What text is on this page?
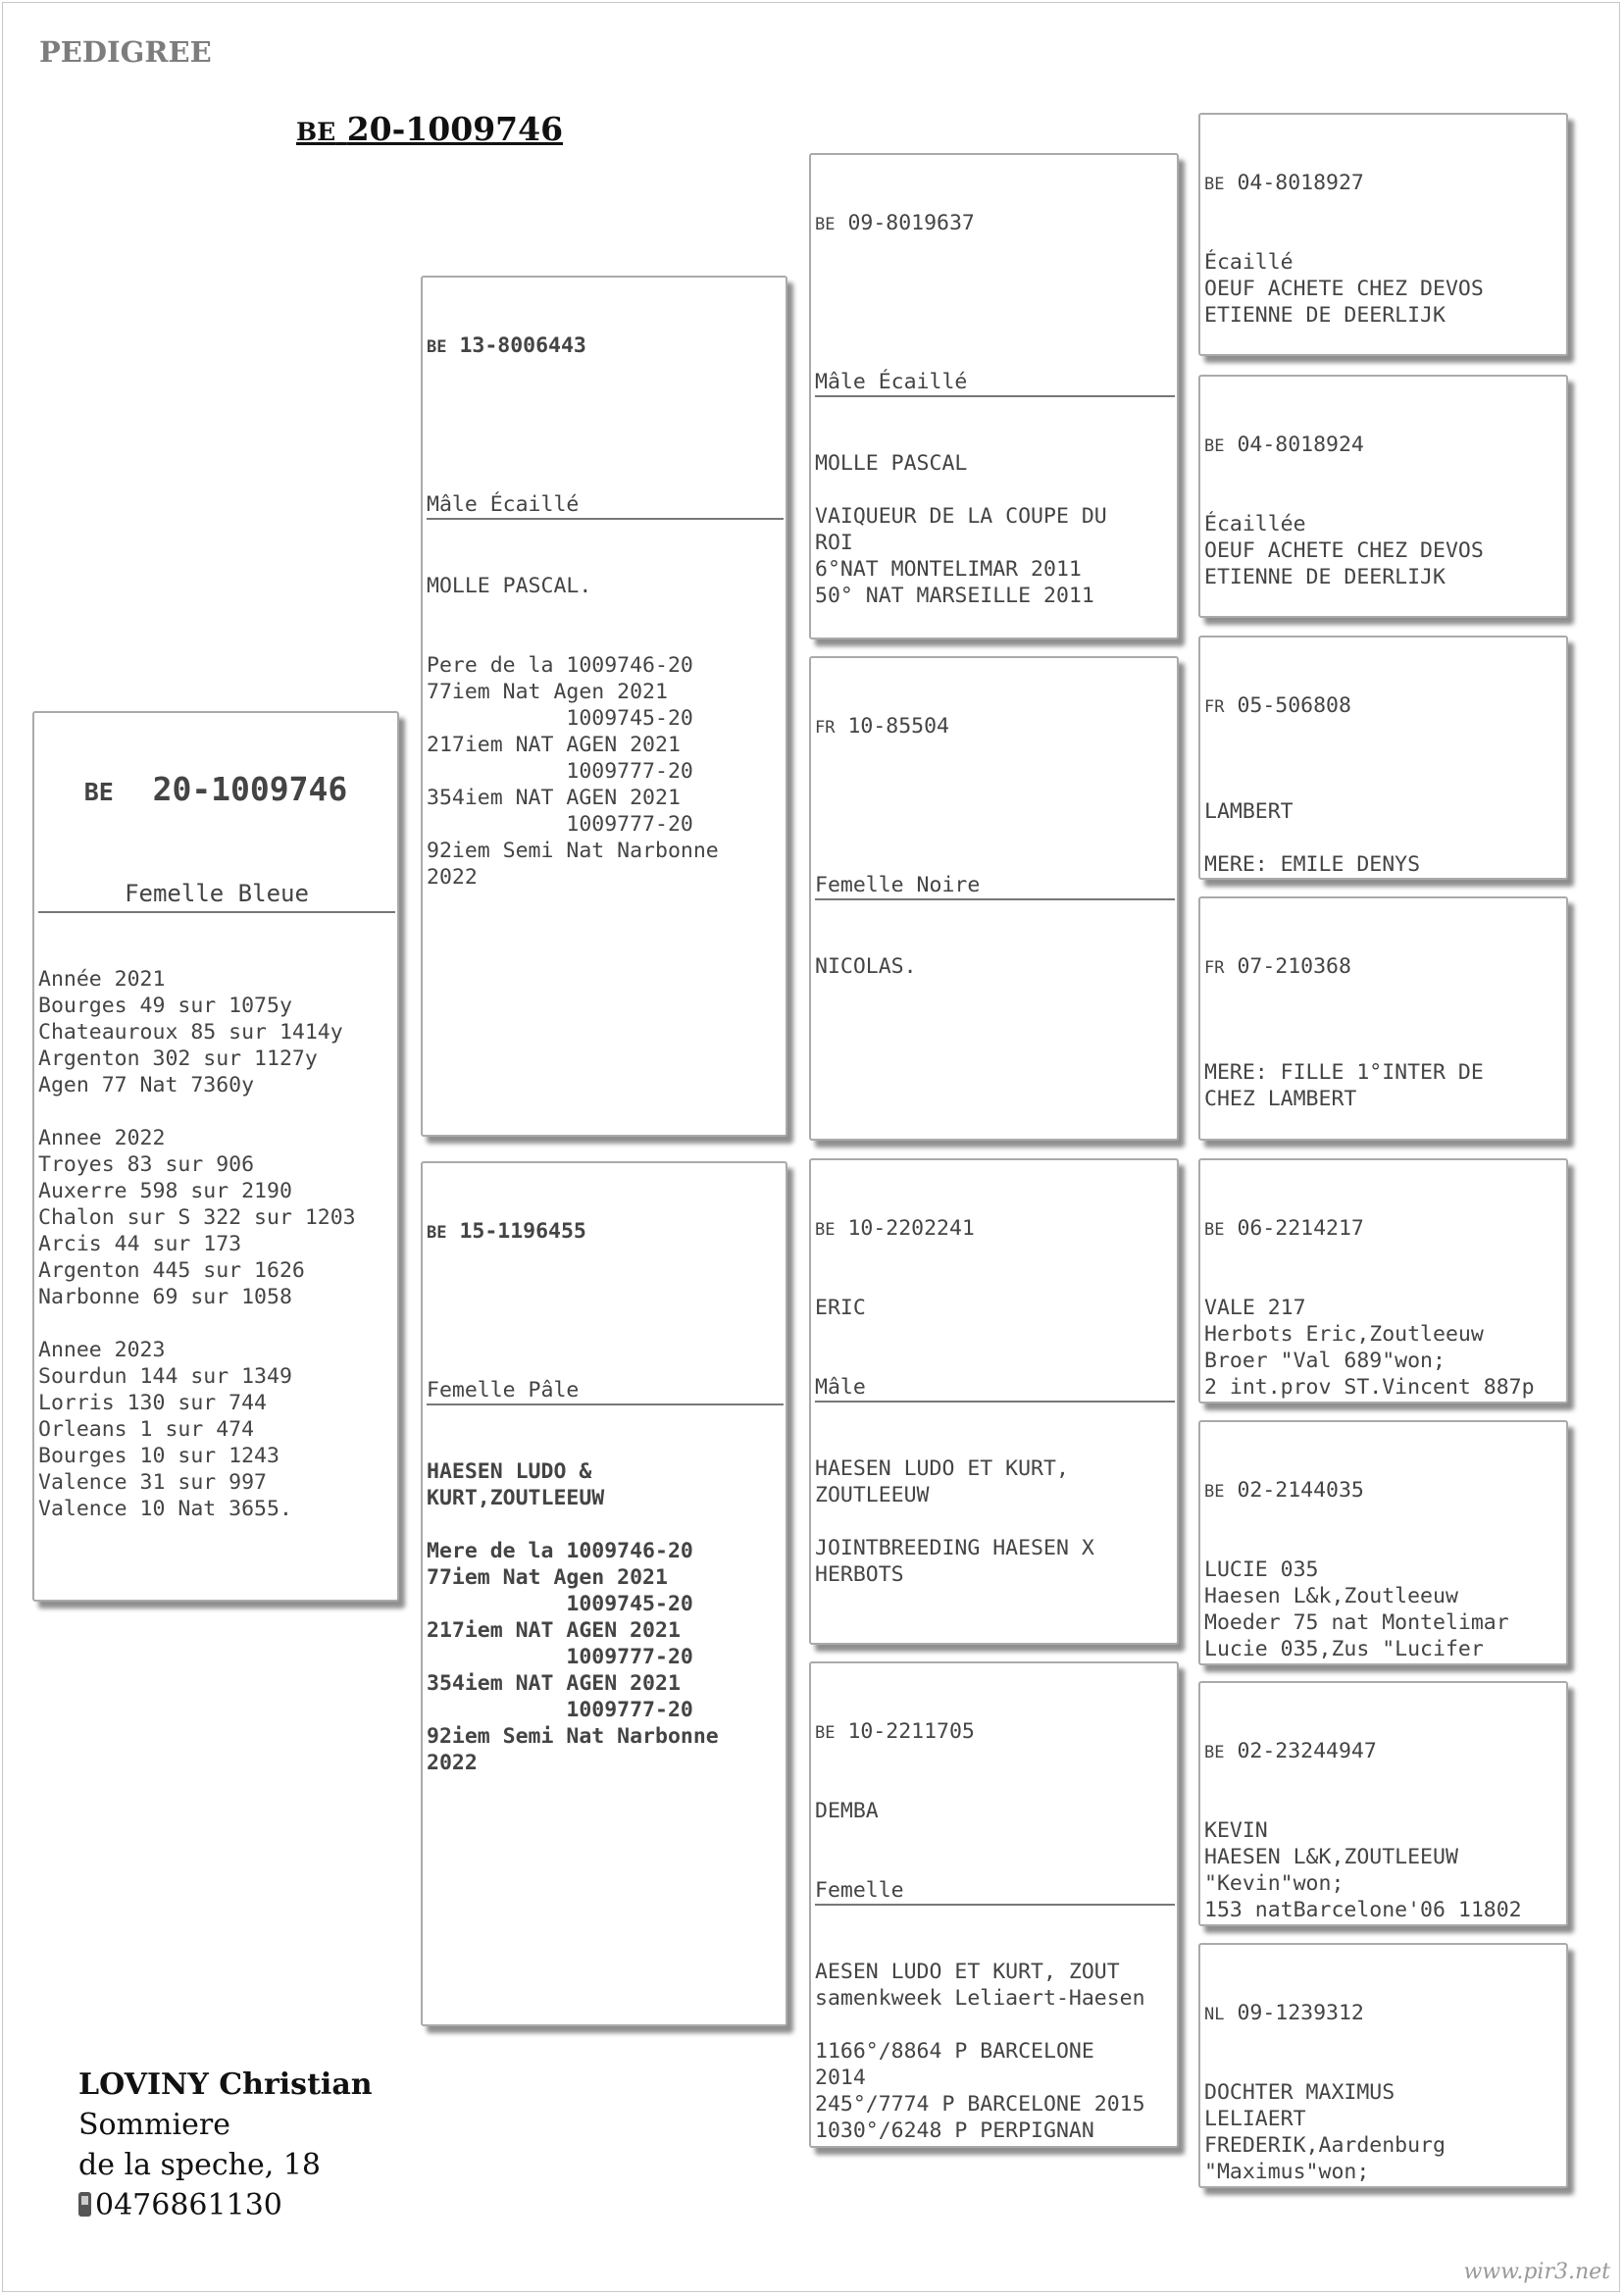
PEDIGREE
BE 20-1009746

BE 20-1009746

Femelle Bleue

Année 2021
Bourges 49 sur 1075y
Chateauroux 85 sur 1414y
Argenton 302 sur 1127y
Agen 77 Nat 7360y

Annee 2022
Troyes 83 sur 906
Auxerre 598 sur 2190
Chalon sur S 322 sur 1203
Arcis 44 sur 173
Argenton 445 sur 1626
Narbonne 69 sur 1058

Annee 2023
Sourdun 144 sur 1349
Lorris 130 sur 744
Orleans 1 sur 474
Bourges 10 sur 1243
Valence 31 sur 997
Valence 10 Nat 3655.

BE 13-8006443

Mâle Écaillé

MOLLE PASCAL.

Pere de la 1009746-20
77iem Nat Agen 2021
1009745-20
217iem NAT AGEN 2021
1009777-20
354iem NAT AGEN 2021
1009777-20
92iem Semi Nat Narbonne
2022

BE 15-1196455

Femelle Pâle

HAESEN LUDO &
KURT,ZOUTLEEUW

Mere de la 1009746-20
77iem Nat Agen 2021
1009745-20
217iem NAT AGEN 2021
1009777-20
354iem NAT AGEN 2021
1009777-20
92iem Semi Nat Narbonne
2022

BE 09-8019637

Mâle Écaillé

MOLLE PASCAL

VAIQUEUR DE LA COUPE DU
ROI
6°NAT MONTELIMAR 2011
50° NAT MARSEILLE 2011

FR 10-85504

Femelle Noire

NICOLAS.

BE 10-2202241

ERIC

Mâle

HAESEN LUDO ET KURT,
ZOUTLEEUW

JOINTBREEDING HAESEN X
HERBOTS

BE 10-2211705

DEMBA

Femelle

AESEN LUDO ET KURT, ZOUT
samenkweek Leliaert-Haesen

1166°/8864 P BARCELONE
2014
245°/7774 P BARCELONE 2015
1030°/6248 P PERPIGNAN

BE 04-8018927

Écaillé
OEUF ACHETE CHEZ DEVOS
ETIENNE DE DEERLIJK

BE 04-8018924

Écaillée
OEUF ACHETE CHEZ DEVOS
ETIENNE DE DEERLIJK

FR 05-506808

LAMBERT

MERE: EMILE DENYS

FR 07-210368

MERE: FILLE 1°INTER DE
CHEZ LAMBERT

BE 06-2214217

VALE 217
Herbots Eric,Zoutleeuw
Broer "Val 689"won;
2 int.prov ST.Vincent 887p

BE 02-2144035

LUCIE 035
Haesen L&k,Zoutleeuw
Moeder 75 nat Montelimar
Lucie 035,Zus "Lucifer

BE 02-23244947

KEVIN
HAESEN L&K,ZOUTLEEUW
"Kevin"won;
153 natBarcelone'06 11802

NL 09-1239312

DOCHTER MAXIMUS
LELIAERT
FREDERIK,Aardenburg
"Maximus"won;

LOVINY Christian
Sommiere
de la speche, 18
0476861130
www.pir3.net
